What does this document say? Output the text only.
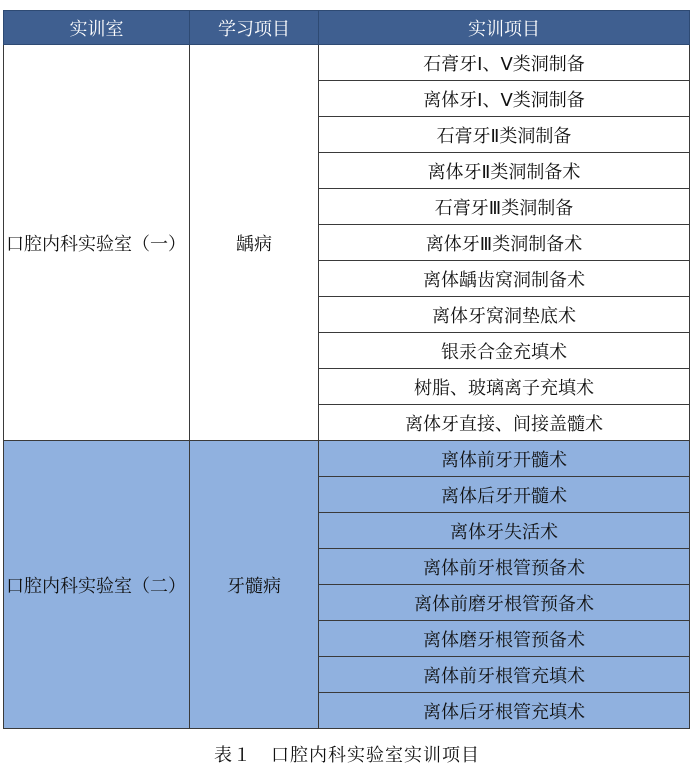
实训室	学习项目	实训项目
口腔内科实验室（一）	龋病	石膏牙Ⅰ、Ⅴ类洞制备
		离体牙Ⅰ、Ⅴ类洞制备
		石膏牙Ⅱ类洞制备
		离体牙Ⅱ类洞制备术
		石膏牙Ⅲ类洞制备
		离体牙Ⅲ类洞制备术
		离体龋齿窝洞制备术
		离体牙窝洞垫底术
		银汞合金充填术
		树脂、玻璃离子充填术
		离体牙直接、间接盖髓术
口腔内科实验室（二）	牙髓病	离体前牙开髓术
		离体后牙开髓术
		离体牙失活术
		离体前牙根管预备术
		离体前磨牙根管预备术
		离体磨牙根管预备术
		离体前牙根管充填术
		离体后牙根管充填术
表１　口腔内科实验室实训项目
